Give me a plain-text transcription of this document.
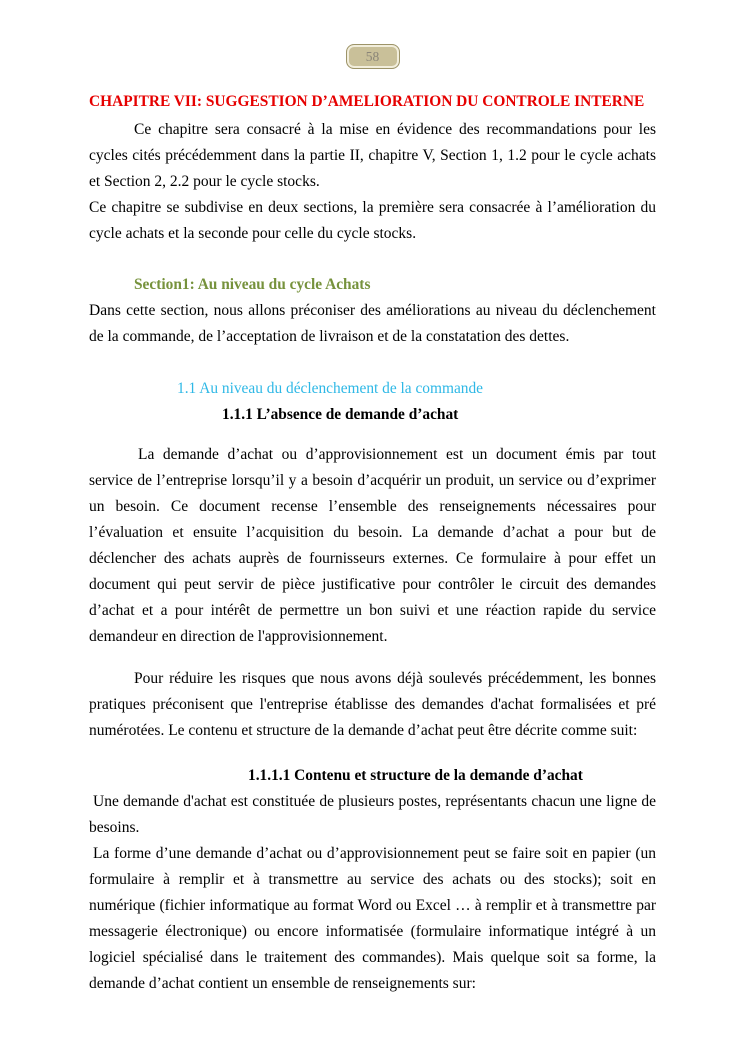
58
CHAPITRE VII: SUGGESTION D’AMELIORATION DU CONTROLE INTERNE

Ce chapitre sera consacré à la mise en évidence des recommandations pour les cycles cités précédemment dans la partie II, chapitre V, Section 1, 1.2 pour le cycle achats et Section 2, 2.2 pour le cycle stocks.

Ce chapitre se subdivise en deux sections, la première sera consacrée à l’amélioration du cycle achats et la seconde pour celle du cycle stocks.

Section1: Au niveau du cycle Achats

Dans cette section, nous allons préconiser des améliorations au niveau du déclenchement de la commande, de l’acceptation de livraison et de la constatation des dettes.

1.1 Au niveau du déclenchement de la commande
1.1.1 L’absence de demande d’achat

La demande d’achat ou d’approvisionnement est un document émis par tout service de l’entreprise lorsqu’il y a besoin d’acquérir un produit, un service ou d’exprimer un besoin. Ce document recense l’ensemble des renseignements nécessaires pour l’évaluation et ensuite l’acquisition du besoin. La demande d’achat a pour but de déclencher des achats auprès de fournisseurs externes. Ce formulaire à pour effet un document qui peut servir de pièce justificative pour contrôler le circuit des demandes d’achat et a pour intérêt de permettre un bon suivi et une réaction rapide du service demandeur en direction de l'approvisionnement.

Pour réduire les risques que nous avons déjà soulevés précédemment, les bonnes pratiques préconisent que l'entreprise établisse des demandes d'achat formalisées et pré numérotées. Le contenu et structure de la demande d’achat peut être décrite comme suit:

1.1.1.1 Contenu et structure de la demande d’achat

Une demande d'achat est constituée de plusieurs postes, représentants chacun une ligne de besoins.

La forme d’une demande d’achat ou d’approvisionnement peut se faire soit en papier (un formulaire à remplir et à transmettre au service des achats ou des stocks); soit en numérique (fichier informatique au format Word ou Excel … à remplir et à transmettre par messagerie électronique) ou encore informatisée (formulaire informatique intégré à un logiciel spécialisé dans le traitement des commandes). Mais quelque soit sa forme, la demande d’achat contient un ensemble de renseignements sur:
